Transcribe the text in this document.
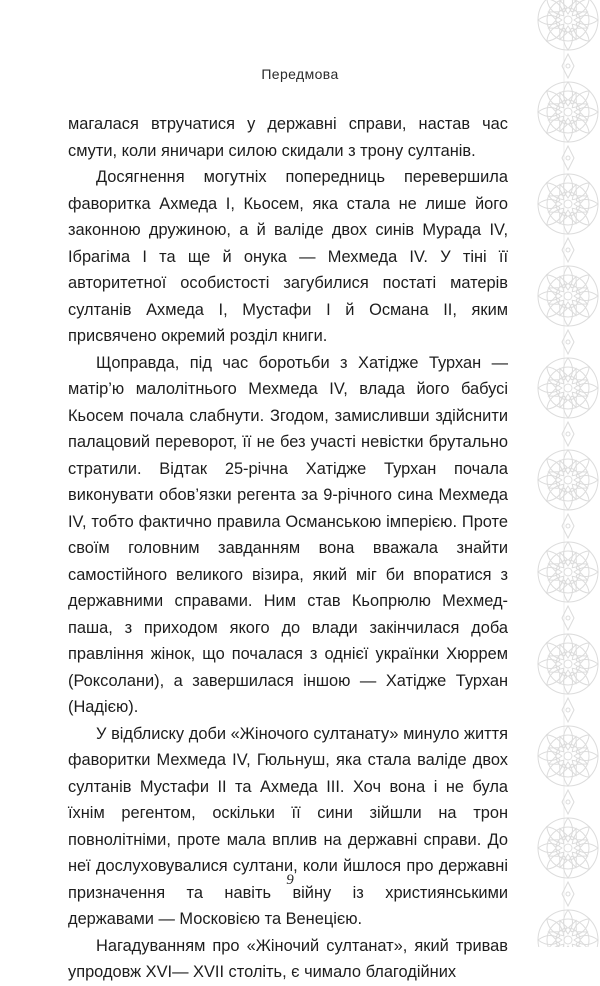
Передмова

магалася втручатися у державні справи, настав час смути, коли яничари силою скидали з трону султанів.

Досягнення могутніх попередниць перевершила фаворитка Ахмеда I, Кьосем, яка стала не лише його законною дружиною, а й валіде двох синів Мурада IV, Ібрагіма I та ще й онука — Мехмеда IV. У тіні її авторитетної особистості загубилися постаті матерів султанів Ахмеда I, Мустафи I й Османа II, яким присвячено окремий розділ книги.

Щоправда, під час боротьби з Хатідже Турхан — матір’ю малолітнього Мехмеда IV, влада його бабусі Кьосем почала слабнути. Згодом, замисливши здійснити палацовий переворот, її не без участі невістки брутально стратили. Відтак 25-річна Хатідже Турхан почала виконувати обов’язки регента за 9-річного сина Мехмеда IV, тобто фактично правила Османською імперією. Проте своїм головним завданням вона вважала знайти самостійного великого візира, який міг би впоратися з державними справами. Ним став Кьопрюлю Мехмед-паша, з приходом якого до влади закінчилася доба правління жінок, що почалася з однієї українки Хюррем (Роксолани), а завершилася іншою — Хатідже Турхан (Надією).

У відблиску доби «Жіночого султанату» минуло життя фаворитки Мехмеда IV, Гюльнуш, яка стала валіде двох султанів Мустафи II та Ахмеда III. Хоч вона і не була їхнім регентом, оскільки її сини зійшли на трон повнолітніми, проте мала вплив на державні справи. До неї дослуховувалися султани, коли йшлося про державні призначення та навіть війну із християнськими державами — Московією та Венецією.

Нагадуванням про «Жіночий султанат», який тривав упродовж XVI— XVII століть, є чимало благодійних

9
